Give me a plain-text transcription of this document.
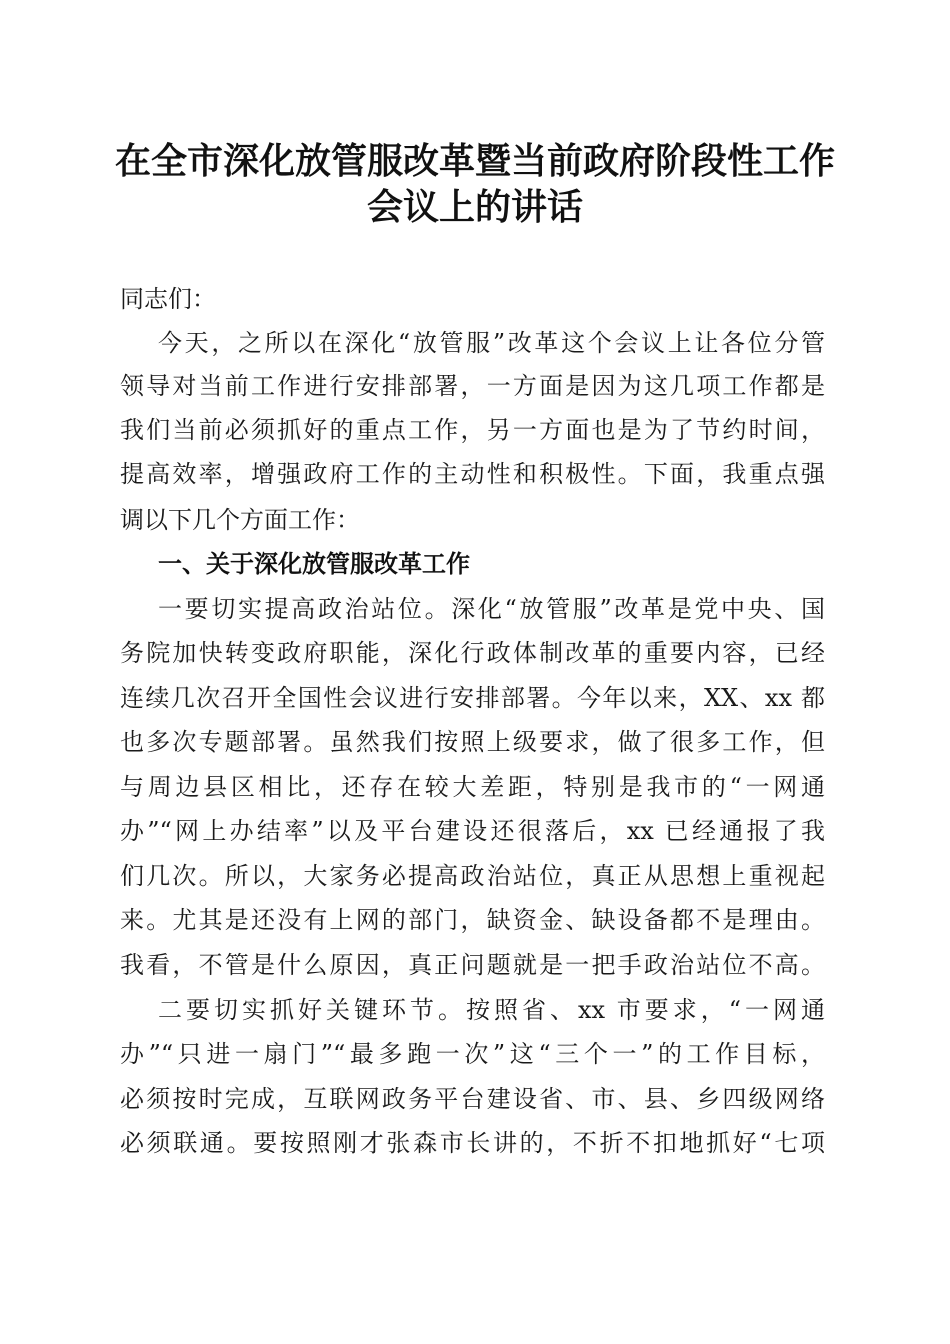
在全市深化放管服改革暨当前政府阶段性工作
会议上的讲话
同志们：
今天，之所以在深化“放管服”改革这个会议上让各位分管
领导对当前工作进行安排部署，一方面是因为这几项工作都是
我们当前必须抓好的重点工作，另一方面也是为了节约时间，
提高效率，增强政府工作的主动性和积极性。下面，我重点强
调以下几个方面工作：
一、关于深化放管服改革工作
一要切实提高政治站位。深化“放管服”改革是党中央、国
务院加快转变政府职能，深化行政体制改革的重要内容，已经
连续几次召开全国性会议进行安排部署。今年以来，XX、xx 都
也多次专题部署。虽然我们按照上级要求，做了很多工作，但
与周边县区相比，还存在较大差距，特别是我市的“一网通
办”“网上办结率”以及平台建设还很落后，xx 已经通报了我
们几次。所以，大家务必提高政治站位，真正从思想上重视起
来。尤其是还没有上网的部门，缺资金、缺设备都不是理由。
我看，不管是什么原因，真正问题就是一把手政治站位不高。
二要切实抓好关键环节。按照省、xx 市要求，“一网通
办”“只进一扇门”“最多跑一次”这“三个一”的工作目标，
必须按时完成，互联网政务平台建设省、市、县、乡四级网络
必须联通。要按照刚才张森市长讲的，不折不扣地抓好“七项
